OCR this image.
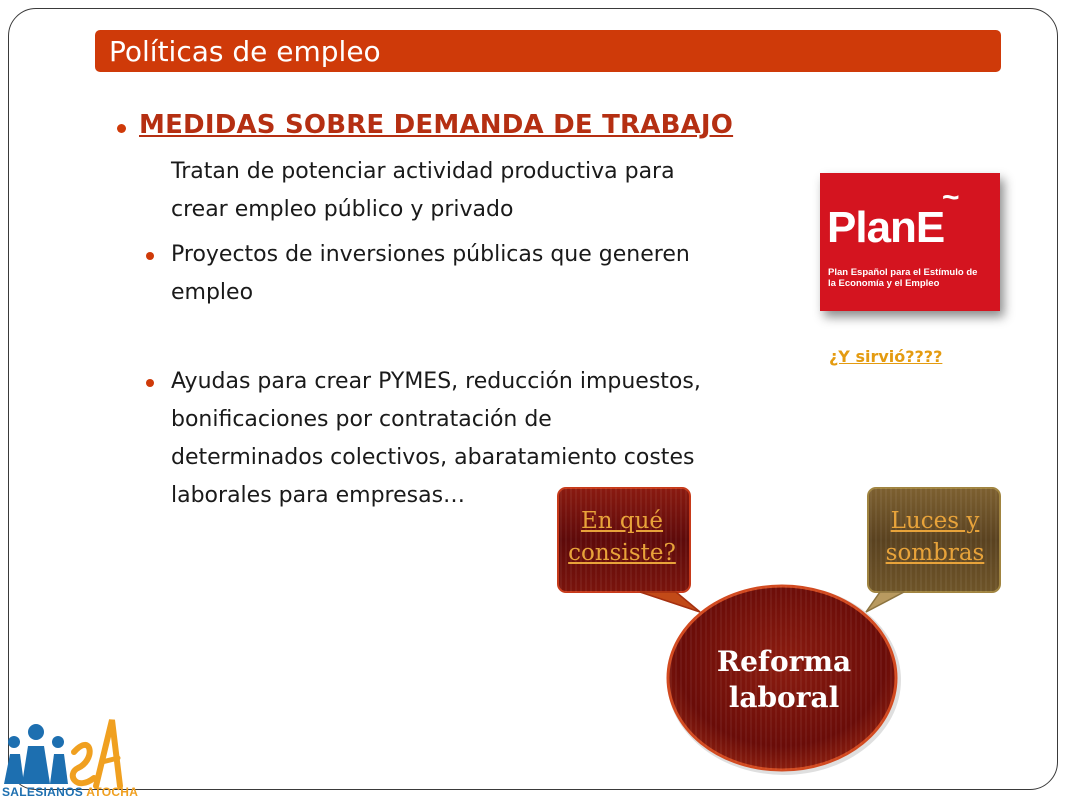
Políticas de empleo
MEDIDAS SOBRE DEMANDA DE TRABAJO
Tratan de potenciar actividad productiva para
crear empleo público y privado
Proyectos de inversiones públicas que generen
empleo
Ayudas para crear PYMES, reducción impuestos,
bonificaciones por contratación de
determinados colectivos, abaratamiento costes
laborales para empresas…
PlanE
~
Plan Español para el Estímulo de
la Economía y el Empleo
¿Y sirvió????
En qué
consiste?
Luces y
sombras
Reforma
laboral
SALESIANOS ATOCHA
